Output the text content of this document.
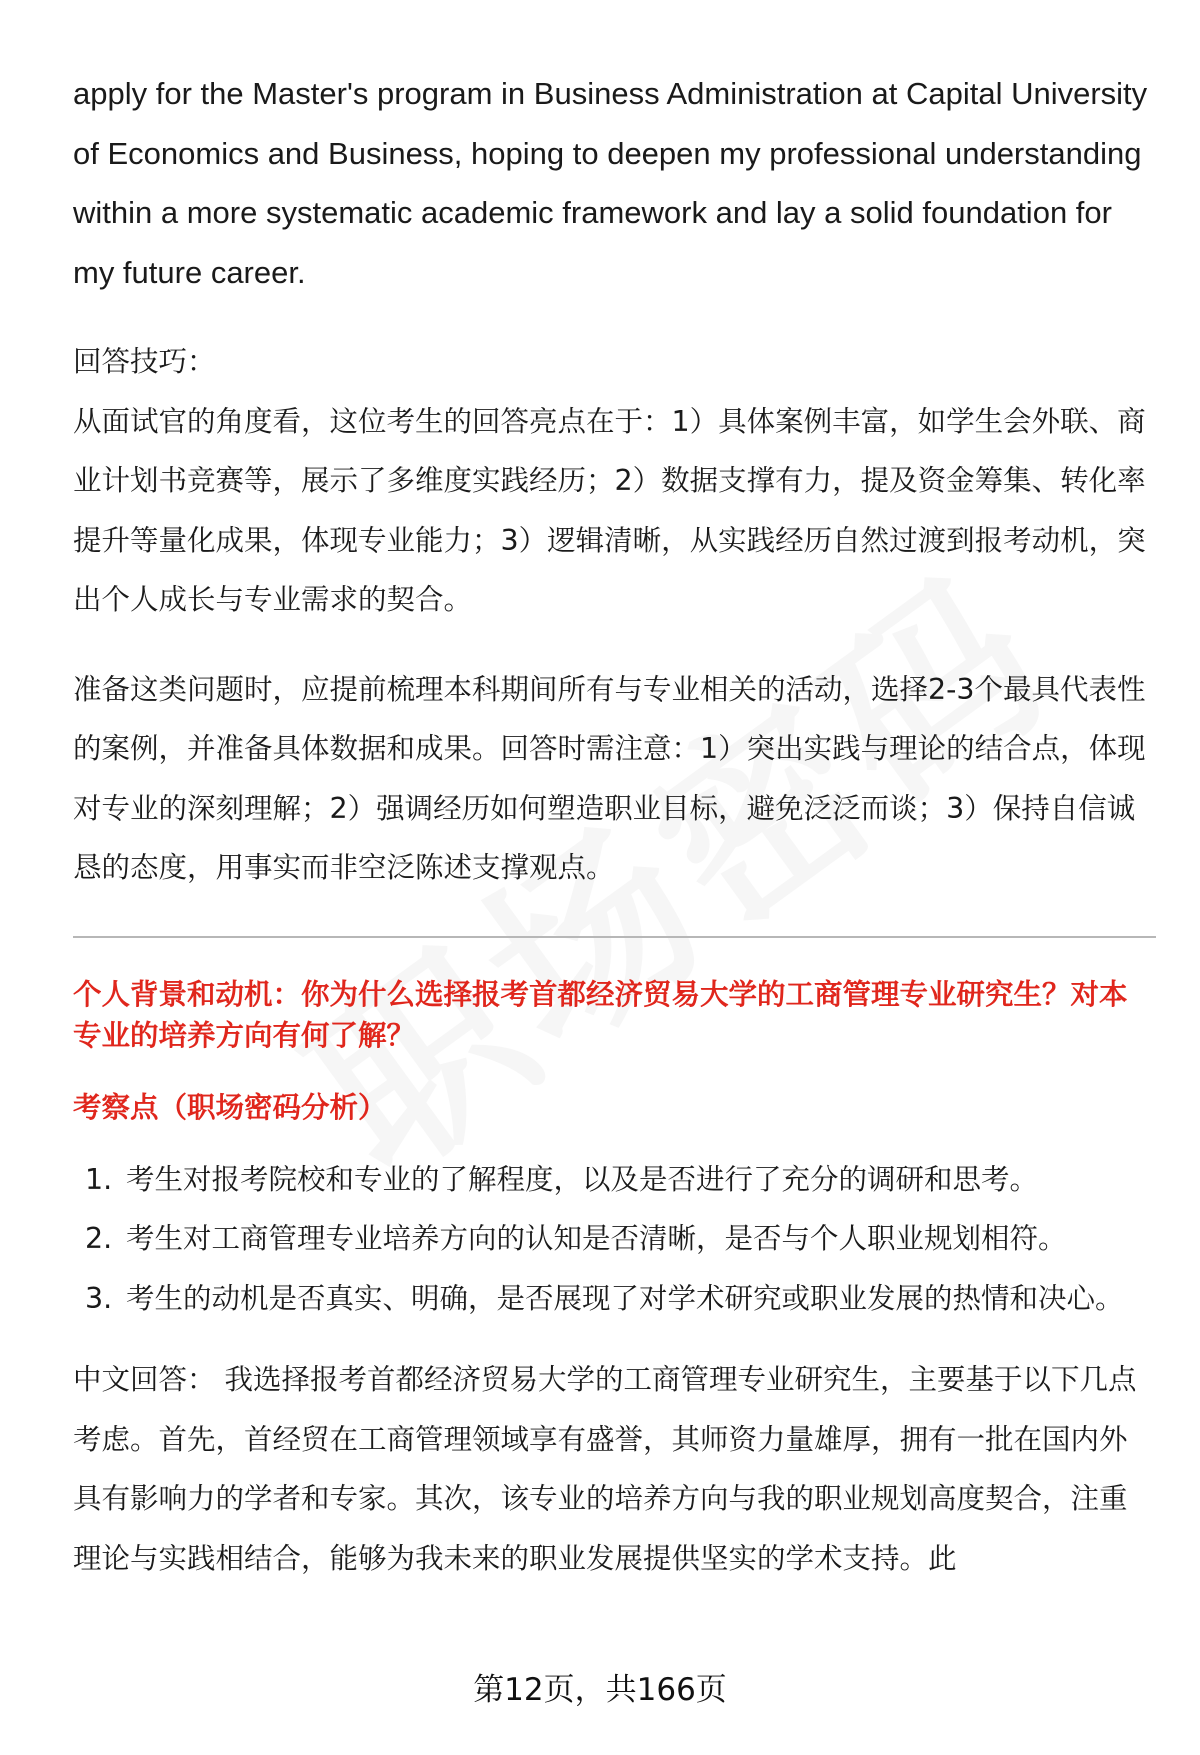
apply for the Master's program in Business Administration at Capital University of Economics and Business, hoping to deepen my professional understanding within a more systematic academic framework and lay a solid foundation for my future career.

回答技巧：

从面试官的角度看，这位考生的回答亮点在于：1）具体案例丰富，如学生会外联、商业计划书竞赛等，展示了多维度实践经历；2）数据支撑有力，提及资金筹集、转化率提升等量化成果，体现专业能力；3）逻辑清晰，从实践经历自然过渡到报考动机，突出个人成长与专业需求的契合。

准备这类问题时，应提前梳理本科期间所有与专业相关的活动，选择2-3个最具代表性的案例，并准备具体数据和成果。回答时需注意：1）突出实践与理论的结合点，体现对专业的深刻理解；2）强调经历如何塑造职业目标，避免泛泛而谈；3）保持自信诚恳的态度，用事实而非空泛陈述支撑观点。

个人背景和动机：你为什么选择报考首都经济贸易大学的工商管理专业研究生？对本专业的培养方向有何了解？

考察点（职场密码分析）

1. 考生对报考院校和专业的了解程度，以及是否进行了充分的调研和思考。
2. 考生对工商管理专业培养方向的认知是否清晰，是否与个人职业规划相符。
3. 考生的动机是否真实、明确，是否展现了对学术研究或职业发展的热情和决心。

中文回答： 我选择报考首都经济贸易大学的工商管理专业研究生，主要基于以下几点考虑。首先，首经贸在工商管理领域享有盛誉，其师资力量雄厚，拥有一批在国内外具有影响力的学者和专家。其次，该专业的培养方向与我的职业规划高度契合，注重理论与实践相结合，能够为我未来的职业发展提供坚实的学术支持。此

第12页，共166页
